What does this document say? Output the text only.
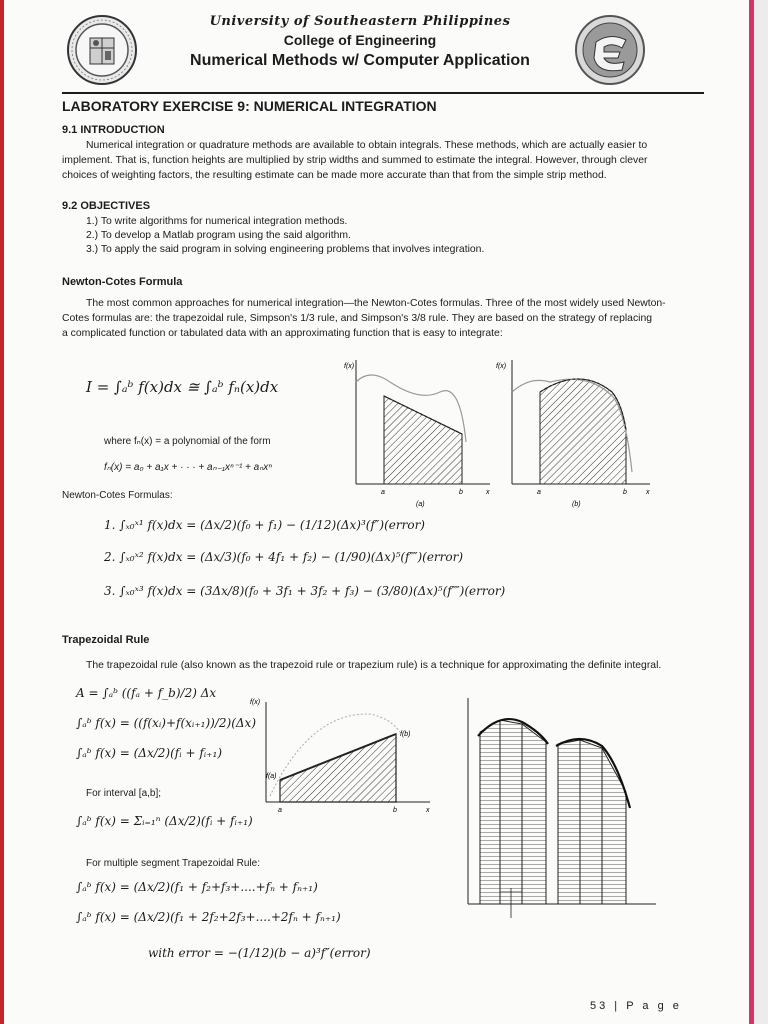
University of Southeastern Philippines
College of Engineering
Numerical Methods w/ Computer Application
LABORATORY EXERCISE 9: NUMERICAL INTEGRATION
9.1 INTRODUCTION
Numerical integration or quadrature methods are available to obtain integrals. These methods, which are actually easier to
implement. That is, function heights are multiplied by strip widths and summed to estimate the integral. However, through clever
choices of weighting factors, the resulting estimate can be made more accurate than that from the simple strip method.
9.2 OBJECTIVES
1.) To write algorithms for numerical integration methods.
2.) To develop a Matlab program using the said algorithm.
3.) To apply the said program in solving engineering problems that involves integration.
Newton-Cotes Formula
The most common approaches for numerical integration—the Newton-Cotes formulas. Three of the most widely used Newton-
Cotes formulas are: the trapezoidal rule, Simpson's 1/3 rule, and Simpson's 3/8 rule. They are based on the strategy of replacing
a complicated function or tabulated data with an approximating function that is easy to integrate:
I = ∫ₐᵇ f(x)dx ≅ ∫ₐᵇ fₙ(x)dx
where fₙ(x) = a polynomial of the form
fₙ(x) = a₀ + a₁x + · · · + aₙ₋₁xⁿ⁻¹ + aₙxⁿ
Newton-Cotes Formulas:
1. ∫ₓ₀ˣ¹ f(x)dx = (Δx/2)(f₀ + f₁) − (1/12)(Δx)³(f″)(error)
2. ∫ₓ₀ˣ² f(x)dx = (Δx/3)(f₀ + 4f₁ + f₂) − (1/90)(Δx)⁵(f⁗)(error)
3. ∫ₓ₀ˣ³ f(x)dx = (3Δx/8)(f₀ + 3f₁ + 3f₂ + f₃) − (3/80)(Δx)⁵(f⁗)(error)
f(x)
a	b	x
(a)
f(x)
a	b	x
(b)
Trapezoidal Rule
The trapezoidal rule (also known as the trapezoid rule or trapezium rule) is a technique for approximating the definite integral.
A = ∫ₐᵇ ((fₐ + f_b)/2) Δx
∫ₐᵇ f(x) = ((f(xᵢ)+f(xᵢ₊₁))/2)(Δx)
∫ₐᵇ f(x) = (Δx/2)(fᵢ + fᵢ₊₁)
For interval [a,b];
∫ₐᵇ f(x) = Σᵢ₌₁ⁿ (Δx/2)(fᵢ + fᵢ₊₁)
For multiple segment Trapezoidal Rule:
∫ₐᵇ f(x) = (Δx/2)(f₁ + f₂+f₃+....+fₙ + fₙ₊₁)
∫ₐᵇ f(x) = (Δx/2)(f₁ + 2f₂+2f₃+....+2fₙ + fₙ₊₁)
with error = −(1/12)(b − a)³f″(error)
f(x)
f(a)
f(b)
a	b	x
53 | P a g e
